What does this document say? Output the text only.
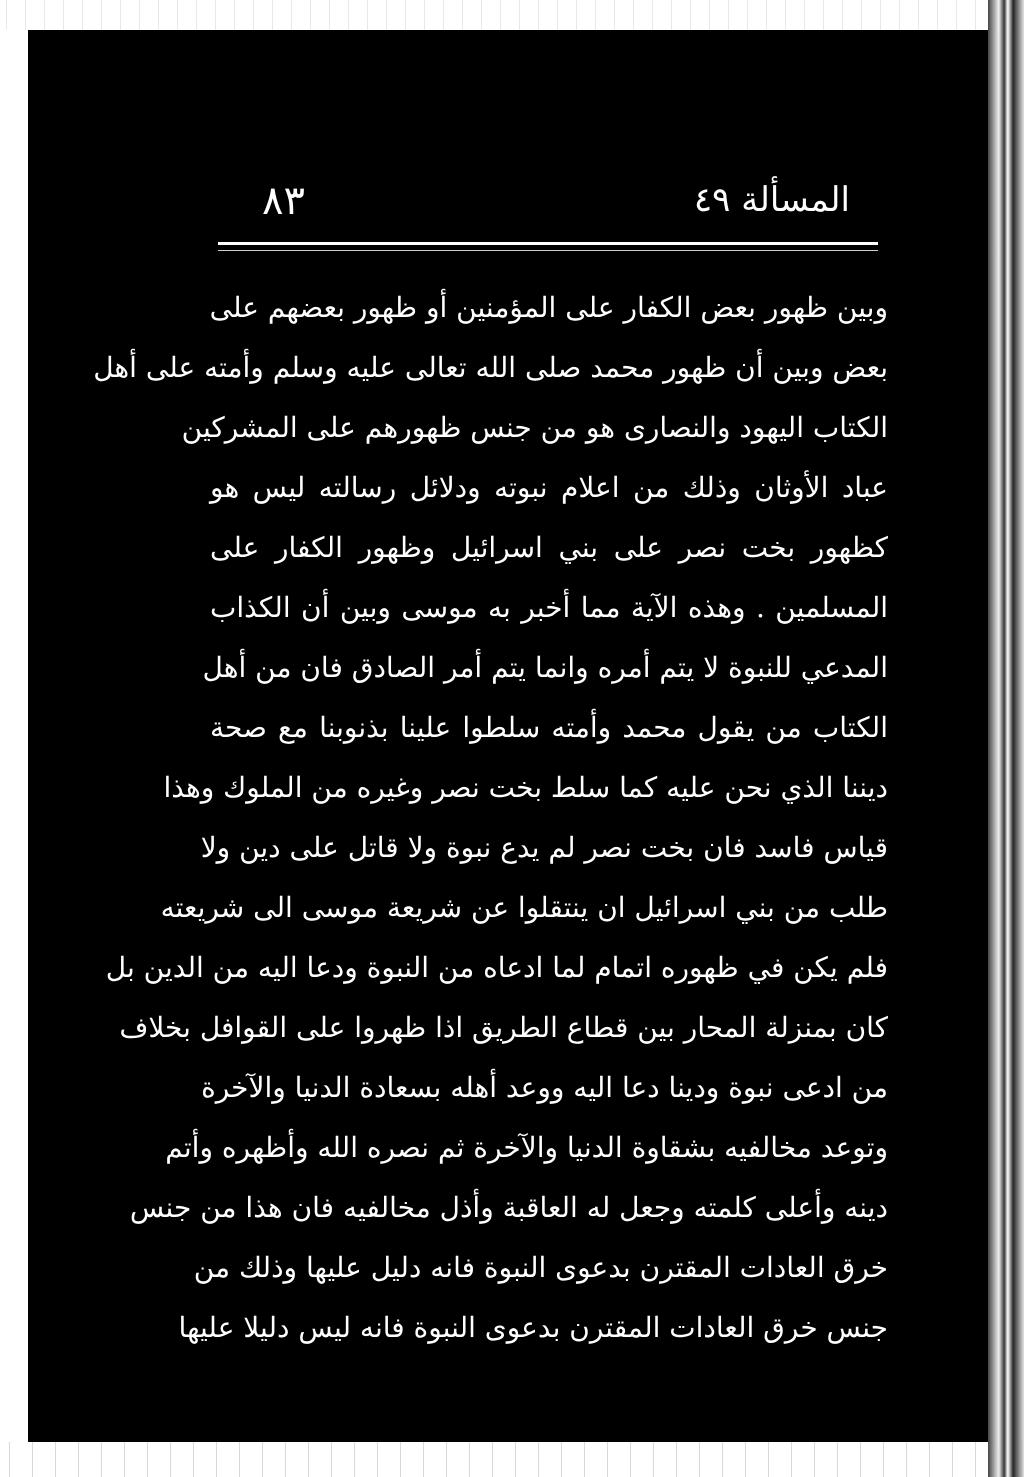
٨٣	المسألة ٤٩
وبين ظهور بعض الكفار على المؤمنين أو ظهور بعضهم على
بعض وبين أن ظهور محمد صلى الله تعالى عليه وسلم وأمته على أهل
الكتاب اليهود والنصارى هو من جنس ظهورهم على المشركين
عباد الأوثان وذلك من اعلام نبوته ودلائل رسالته ليس هو
كظهور بخت نصر على بني اسرائيل وظهور الكفار على
المسلمين . وهذه الآية مما أخبر به موسى وبين أن الكذاب
المدعي للنبوة لا يتم أمره وانما يتم أمر الصادق فان من أهل
الكتاب من يقول محمد وأمته سلطوا علينا بذنوبنا مع صحة
ديننا الذي نحن عليه كما سلط بخت نصر وغيره من الملوك وهذا
قياس فاسد فان بخت نصر لم يدع نبوة ولا قاتل على دين ولا
طلب من بني اسرائيل ان ينتقلوا عن شريعة موسى الى شريعته
فلم يكن في ظهوره اتمام لما ادعاه من النبوة ودعا اليه من الدين بل
كان بمنزلة المحار بين قطاع الطريق اذا ظهروا على القوافل بخلاف
من ادعى نبوة ودينا دعا اليه ووعد أهله بسعادة الدنيا والآخرة
وتوعد مخالفيه بشقاوة الدنيا والآخرة ثم نصره الله وأظهره وأتم
دينه وأعلى كلمته وجعل له العاقبة وأذل مخالفيه فان هذا من جنس
خرق العادات المقترن بدعوى النبوة فانه دليل عليها وذلك من
جنس خرق العادات المقترن بدعوى النبوة فانه ليس دليلا عليها
